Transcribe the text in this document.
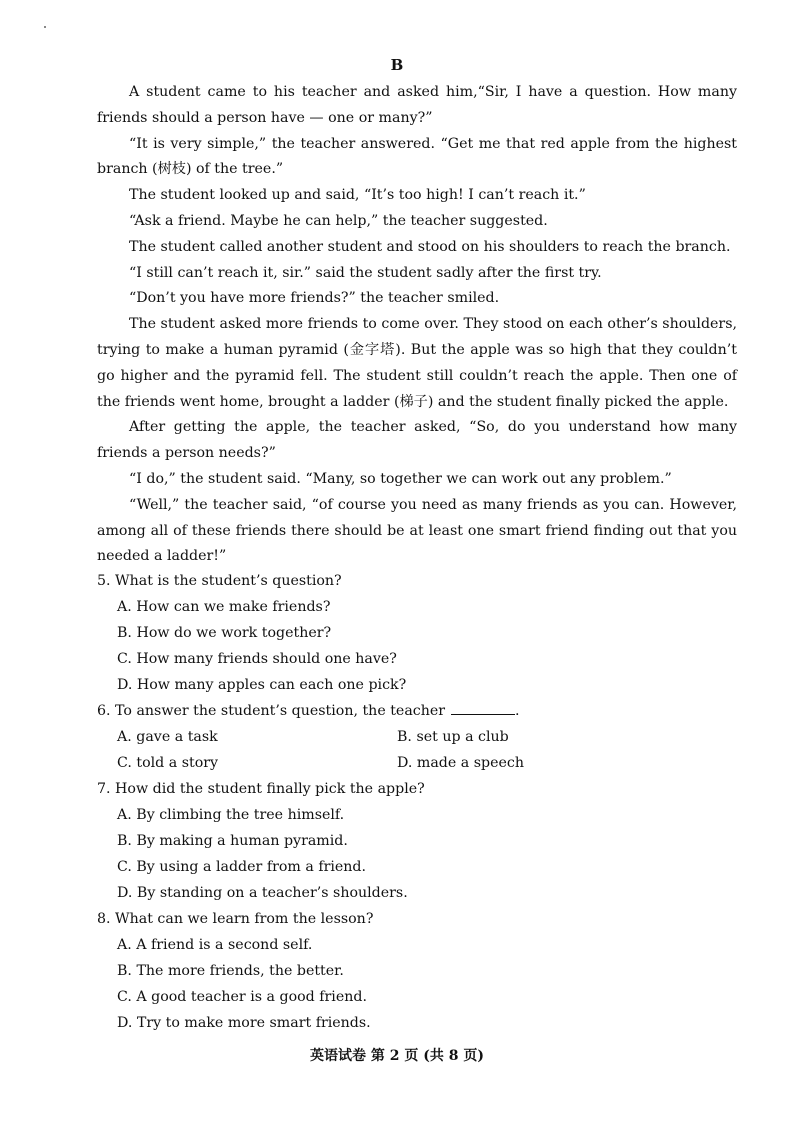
B

A student came to his teacher and asked him,“Sir, I have a question. How many friends should a person have — one or many?”

“It is very simple,” the teacher answered. “Get me that red apple from the highest branch (树枝) of the tree.”

The student looked up and said, “It’s too high! I can’t reach it.”

“Ask a friend. Maybe he can help,” the teacher suggested.

The student called another student and stood on his shoulders to reach the branch.

“I still can’t reach it, sir.” said the student sadly after the first try.

“Don’t you have more friends?” the teacher smiled.

The student asked more friends to come over. They stood on each other’s shoulders, trying to make a human pyramid (金字塔). But the apple was so high that they couldn’t go higher and the pyramid fell. The student still couldn’t reach the apple. Then one of the friends went home, brought a ladder (梯子) and the student finally picked the apple.

After getting the apple, the teacher asked, “So, do you understand how many friends a person needs?”

“I do,” the student said. “Many, so together we can work out any problem.”

“Well,” the teacher said, “of course you need as many friends as you can. However, among all of these friends there should be at least one smart friend finding out that you needed a ladder!”

5. What is the student’s question?

A. How can we make friends?

B. How do we work together?

C. How many friends should one have?

D. How many apples can each one pick?

6. To answer the student’s question, the teacher	.

A. gave a task	B. set up a club

C. told a story	D. made a speech

7. How did the student finally pick the apple?

A. By climbing the tree himself.

B. By making a human pyramid.

C. By using a ladder from a friend.

D. By standing on a teacher’s shoulders.

8. What can we learn from the lesson?

A. A friend is a second self.

B. The more friends, the better.

C. A good teacher is a good friend.

D. Try to make more smart friends.

英语试卷 第 2 页 (共 8 页)
